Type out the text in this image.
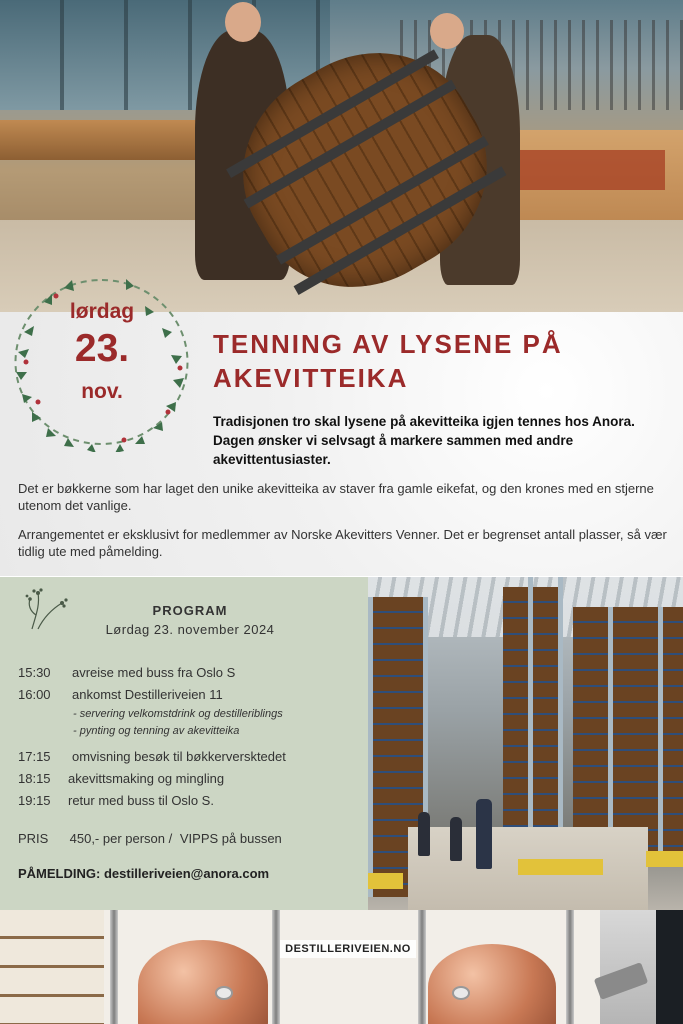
lørdag
23.
nov.
TENNING AV LYSENE PÅ AKEVITTEIKA
Tradisjonen tro skal lysene på akevitteika igjen tennes hos Anora. Dagen ønsker vi selvsagt å markere sammen med andre akevittentusiaster.
Det er bøkkerne som har laget den unike akevitteika av staver fra gamle eikefat, og den krones med en stjerne utenom det vanlige.
Arrangementet er eksklusivt for medlemmer av Norske Akevitters Venner. Det er begrenset antall plasser, så vær tidlig ute med påmelding.
PROGRAM
Lørdag 23. november 2024
15:30 avreise med buss fra Oslo S
16:00 ankomst Destilleriveien 11
- servering velkomstdrink og destilleriblings
- pynting og tenning av akevitteika
17:15 omvisning besøk til bøkkerversktedet
18:15 akevittsmaking og mingling
19:15 retur med buss til Oslo S.
PRIS 450,- per person / VIPPS på bussen
PÅMELDING: destilleriveien@anora.com
DESTILLERIVEIEN.NO
